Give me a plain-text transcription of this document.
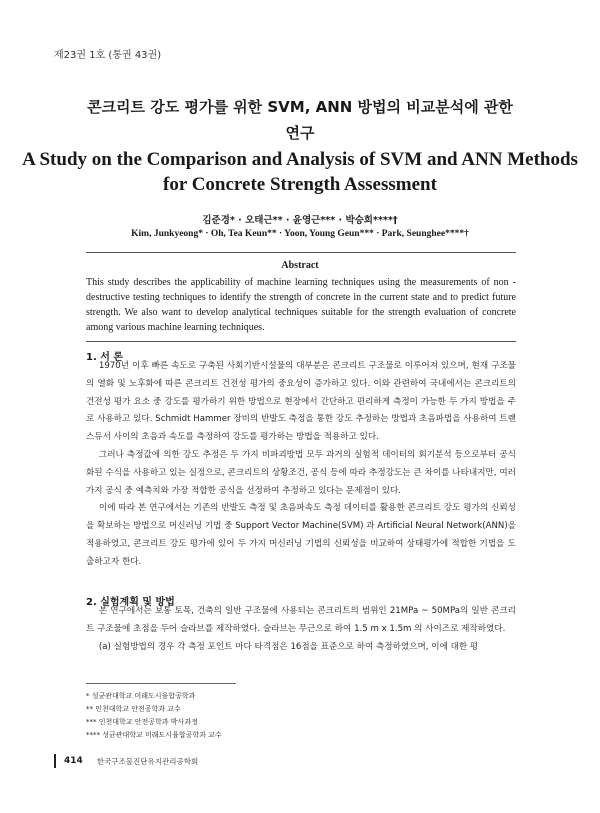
제23권 1호 (통권 43권)
콘크리트 강도 평가를 위한 SVM, ANN 방법의 비교분석에 관한
연구
A Study on the Comparison and Analysis of SVM and ANN Methods
for Concrete Strength Assessment
김준경* · 오태근** · 윤영근*** · 박승희****†
Kim, Junkyeong* · Oh, Tea Keun** · Yoon, Young Geun*** · Park, Seunghee****†
Abstract
This study describes the applicability of machine learning techniques using the measurements of non - destructive testing techniques to identify the strength of concrete in the current state and to predict future strength. We also want to develop analytical techniques suitable for the strength evaluation of concrete among various machine learning techniques.
1. 서 론

1970년 이후 빠른 속도로 구축된 사회기반시설물의 대부분은 콘크리트 구조물로 이루어져 있으며, 현재 구조물의 열화 및 노후화에 따른 콘크리트 건전성 평가의 중요성이 증가하고 있다. 이와 관련하여 국내에서는 콘크리트의 건전성 평가 요소 중 강도를 평가하기 위한 방법으로 현장에서 간단하고 편리하게 측정이 가능한 두 가지 방법을 주로 사용하고 있다. Schmidt Hammer 장비의 반발도 측정을 통한 강도 추정하는 방법과 초음파법을 사용하여 트랜스듀서 사이의 초음과 속도를 측정하여 강도를 평가하는 방법을 적용하고 있다.

그러나 측정값에 의한 강도 추정은 두 가지 비파괴방법 모두 과거의 실험적 데이터의 회기분석 등으로부터 공식화된 수식을 사용하고 있는 실정으로, 콘크리트의 상황조건, 공식 등에 따라 추정강도는 큰 차이를 나타내지만, 여러 가지 공식 중 예측치와 가장 적합한 공식을 선정하여 추정하고 있다는 문제점이 있다.

이에 따라 본 연구에서는 기존의 반발도 측정 및 초음파속도 측정 데이터를 활용한 콘크리트 강도 평가의 신뢰성을 확보하는 방법으로 머신러닝 기법 중 Support Vector Machine(SVM) 과 Artificial Neural Network(ANN)을 적용하였고, 콘크리트 강도 평가에 있어 두 가지 머신러닝 기법의 신뢰성을 비교하여 상태평가에 적합한 기법을 도출하고자 한다.

2. 실험계획 및 방법

본 연구에서는 보통 토목, 건축의 일반 구조물에 사용되는 콘크리트의 범위인 21MPa ~ 50MPa의 일반 콘크리트 구조물에 초점을 두어 슬라브를 제작하였다. 슬라브는 무근으로 하여 1.5 m x 1.5m 의 사이즈로 제작하였다.

(a) 실험방법의 경우 각 측정 포인트 마다 타격점은 16점을 표준으로 하여 측정하였으며, 이에 대한 평

* 성균관대학교 미래도시융합공학과
** 인천대학교 안전공학과 교수
*** 인천대학교 안전공학과 박사과정
**** 성균관대학교 미래도시융합공학과 교수
414 한국구조물진단유지관리공학회
